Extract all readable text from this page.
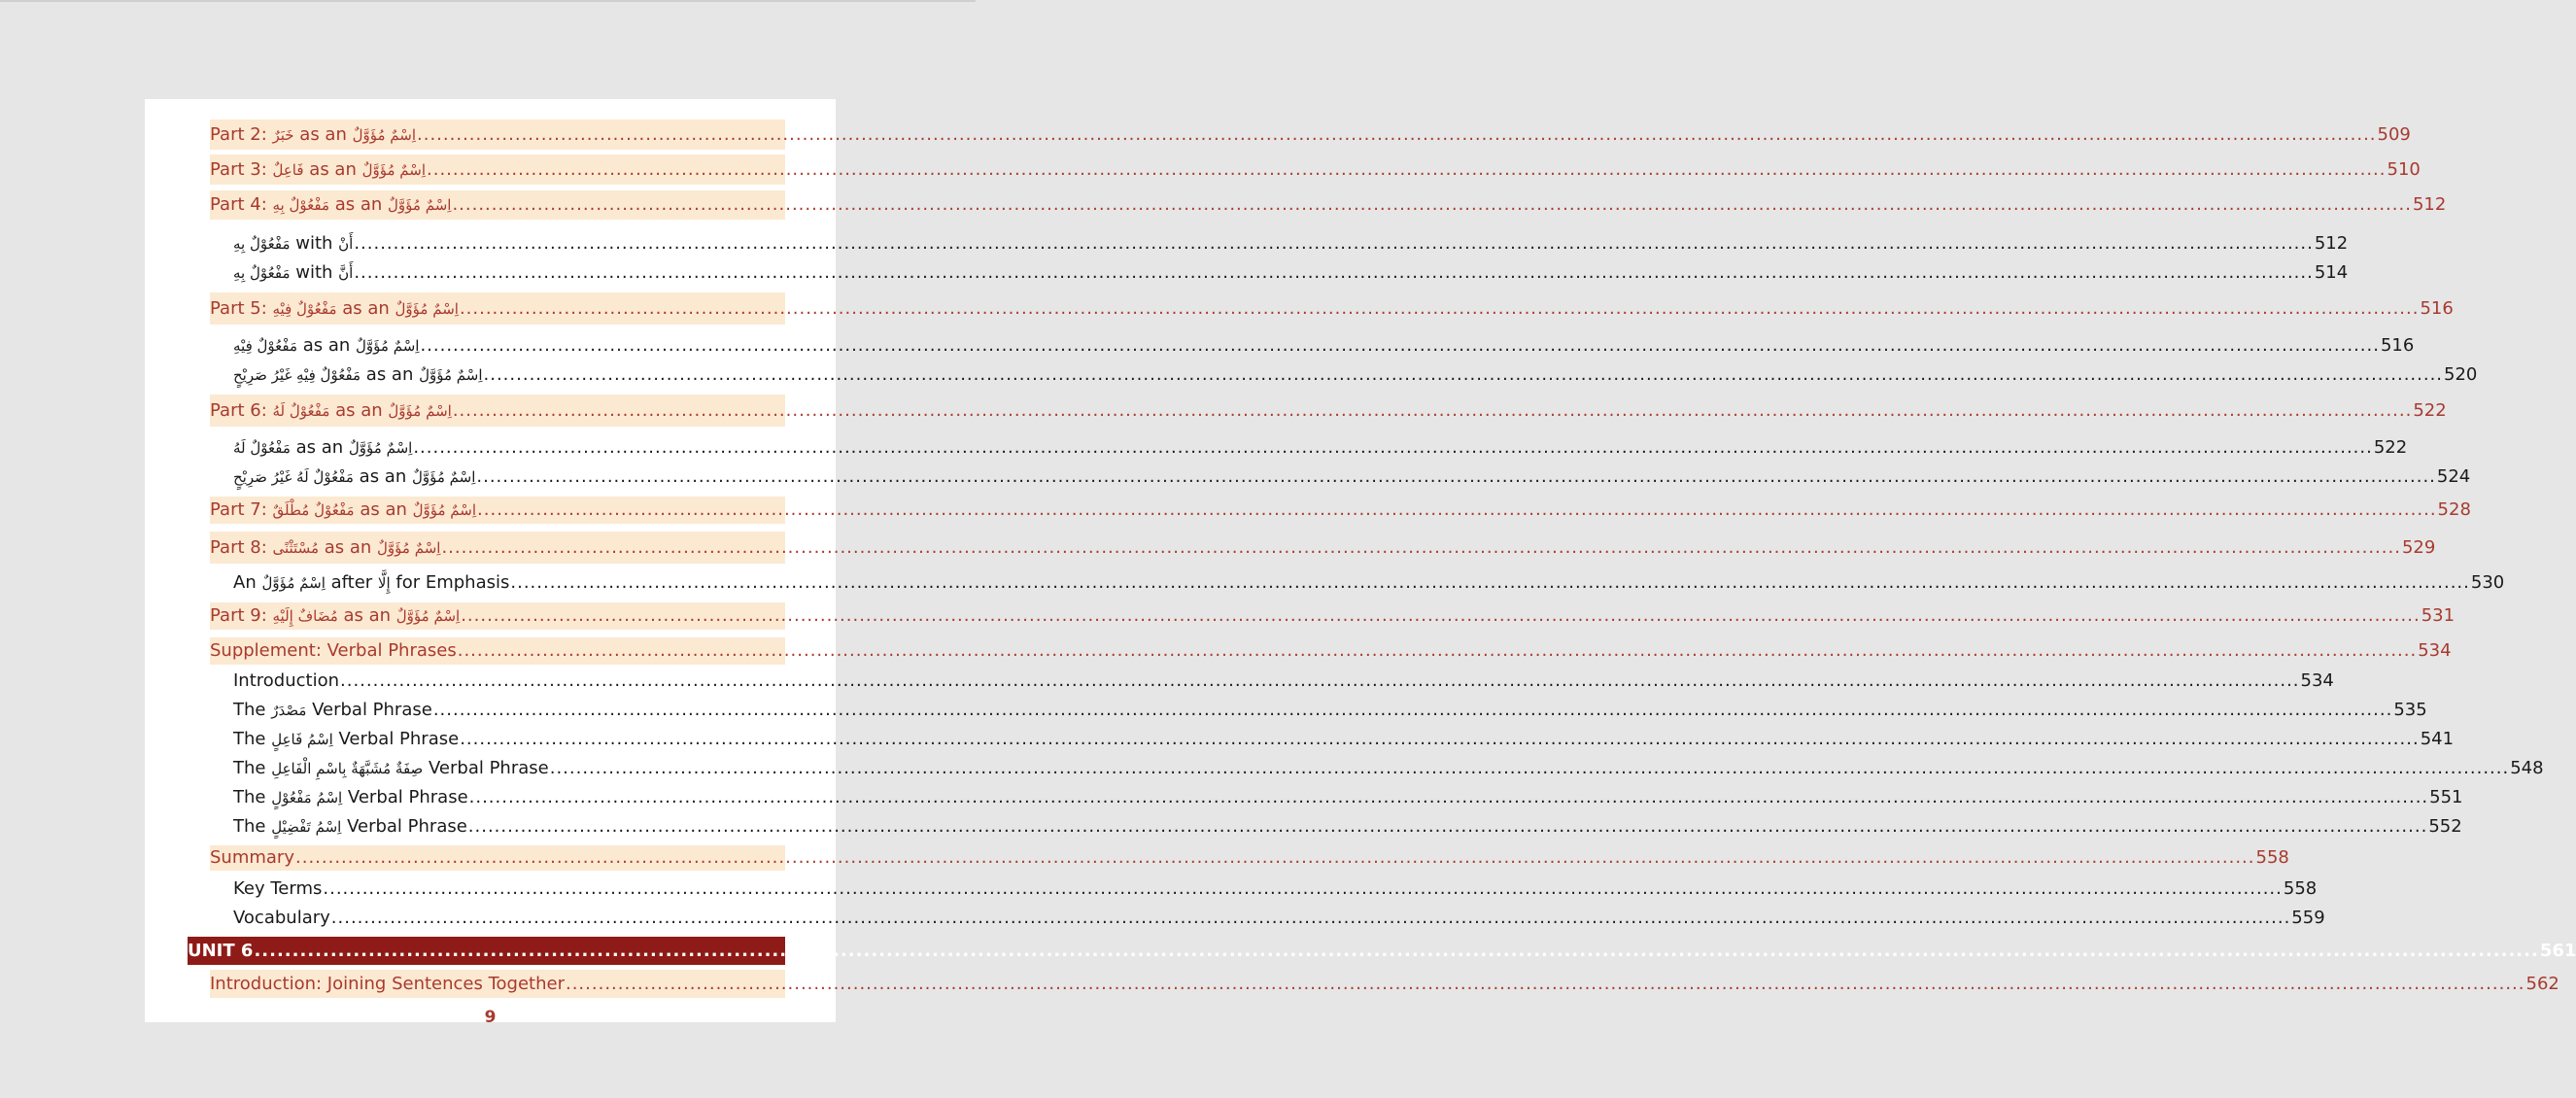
Part 2: خَبَرٌ as an اِسْمٌ مُؤَوَّلٌ ............................................................................................................................................................................................................................................................................................................ 509
Part 3: فَاعِلٌ as an اِسْمٌ مُؤَوَّلٌ ............................................................................................................................................................................................................................................................................................................ 510
Part 4: مَفْعُوْلٌ بِهِ as an اِسْمٌ مُؤَوَّلٌ ............................................................................................................................................................................................................................................................................................................ 512
مَفْعُوْلٌ بِهِ with أَنْ ............................................................................................................................................................................................................................................................................................................ 512
مَفْعُوْلٌ بِهِ with أَنَّ ............................................................................................................................................................................................................................................................................................................ 514
Part 5: مَفْعُوْلٌ فِيْهِ as an اِسْمٌ مُؤَوَّلٌ ............................................................................................................................................................................................................................................................................................................ 516
مَفْعُوْلٌ فِيْهِ as an اِسْمٌ مُؤَوَّلٌ ............................................................................................................................................................................................................................................................................................................ 516
مَفْعُوْلٌ فِيْهِ غَيْرُ صَرِيْحٍ as an اِسْمٌ مُؤَوَّلٌ ............................................................................................................................................................................................................................................................................................................ 520
Part 6: مَفْعُوْلٌ لَهُ as an اِسْمٌ مُؤَوَّلٌ ............................................................................................................................................................................................................................................................................................................ 522
مَفْعُوْلٌ لَهُ as an اِسْمٌ مُؤَوَّلٌ ............................................................................................................................................................................................................................................................................................................ 522
مَفْعُوْلٌ لَهُ غَيْرُ صَرِيْحٍ as an اِسْمٌ مُؤَوَّلٌ ............................................................................................................................................................................................................................................................................................................ 524
Part 7: مَفْعُوْلٌ مُطْلَقٌ as an اِسْمٌ مُؤَوَّلٌ ............................................................................................................................................................................................................................................................................................................ 528
Part 8: مُسْتَثْنًى as an اِسْمٌ مُؤَوَّلٌ ............................................................................................................................................................................................................................................................................................................ 529
An اِسْمٌ مُؤَوَّلٌ after إِلَّا for Emphasis ............................................................................................................................................................................................................................................................................................................ 530
Part 9: مُضَافٌ إِلَيْهِ as an اِسْمٌ مُؤَوَّلٌ ............................................................................................................................................................................................................................................................................................................ 531
Supplement: Verbal Phrases ............................................................................................................................................................................................................................................................................................................ 534
Introduction ............................................................................................................................................................................................................................................................................................................ 534
The مَصْدَرٌ Verbal Phrase ............................................................................................................................................................................................................................................................................................................ 535
The اِسْمُ فَاعِلٍ Verbal Phrase ............................................................................................................................................................................................................................................................................................................ 541
The صِفَةٌ مُشَبَّهَةٌ بِاسْمِ الْفَاعِلِ Verbal Phrase ............................................................................................................................................................................................................................................................................................................ 548
The اِسْمُ مَفْعُوْلٍ Verbal Phrase ............................................................................................................................................................................................................................................................................................................ 551
The اِسْمُ تَفْضِيْلٍ Verbal Phrase ............................................................................................................................................................................................................................................................................................................ 552
Summary ............................................................................................................................................................................................................................................................................................................ 558
Key Terms ............................................................................................................................................................................................................................................................................................................ 558
Vocabulary ............................................................................................................................................................................................................................................................................................................ 559
UNIT 6 ............................................................................................................................................................................................................................................................................................................ 561
Introduction: Joining Sentences Together ............................................................................................................................................................................................................................................................................................................ 562
9
